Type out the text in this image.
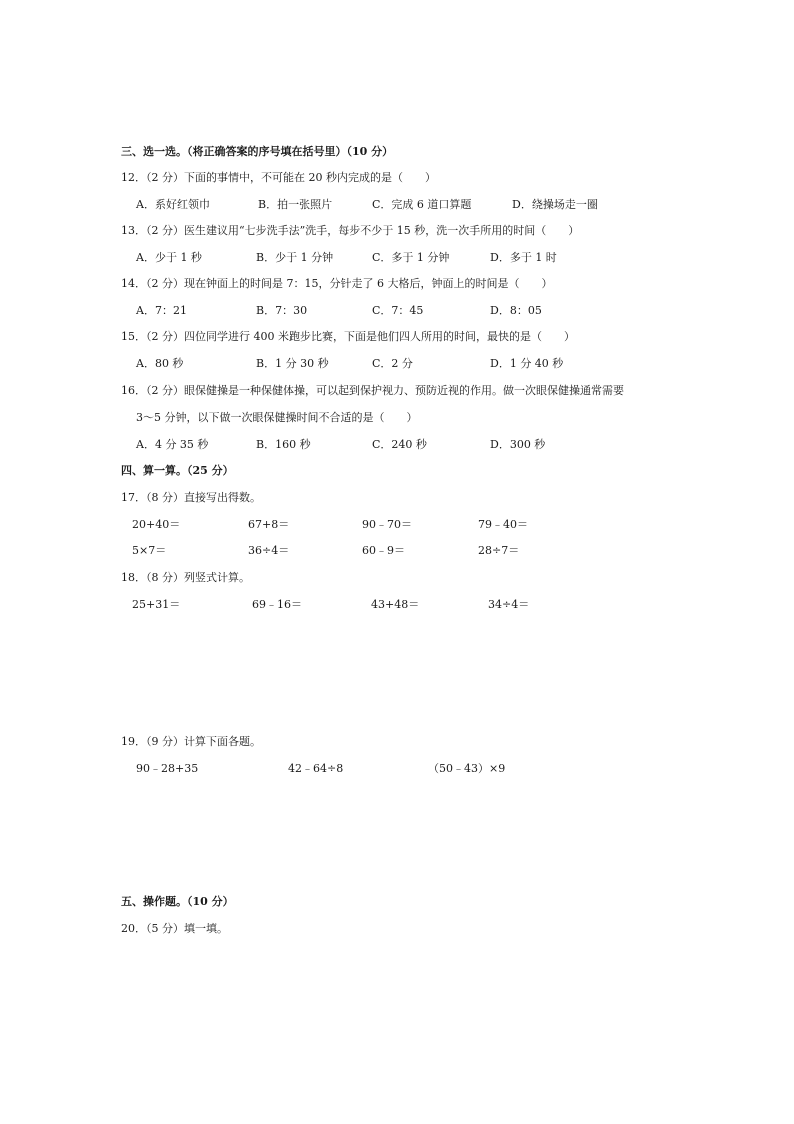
三、选一选。（将正确答案的序号填在括号里）（10 分）
12．（2 分）下面的事情中，不可能在 20 秒内完成的是（　　）
A．系好红领巾	B．拍一张照片	C．完成 6 道口算题	D．绕操场走一圈
13．（2 分）医生建议用“七步洗手法”洗手，每步不少于 15 秒，洗一次手所用的时间（　　）
A．少于 1 秒	B．少于 1 分钟	C．多于 1 分钟	D．多于 1 时
14．（2 分）现在钟面上的时间是 7：15，分针走了 6 大格后，钟面上的时间是（　　）
A．7：21	B．7：30	C．7：45	D．8：05
15．（2 分）四位同学进行 400 米跑步比赛，下面是他们四人所用的时间，最快的是（　　）
A．80 秒	B．1 分 30 秒	C．2 分	D．1 分 40 秒
16．（2 分）眼保健操是一种保健体操，可以起到保护视力、预防近视的作用。做一次眼保健操通常需要
3～5 分钟，以下做一次眼保健操时间不合适的是（　　）
A．4 分 35 秒	B．160 秒	C．240 秒	D．300 秒
四、算一算。（25 分）
17．（8 分）直接写出得数。
20+40＝	67+8＝	90﹣70＝	79﹣40＝
5×7＝	36÷4＝	60﹣9＝	28÷7＝
18．（8 分）列竖式计算。
25+31＝	69﹣16＝	43+48＝	34÷4＝
19．（9 分）计算下面各题。
90﹣28+35	42﹣64÷8	（50﹣43）×9
五、操作题。（10 分）
20．（5 分）填一填。
